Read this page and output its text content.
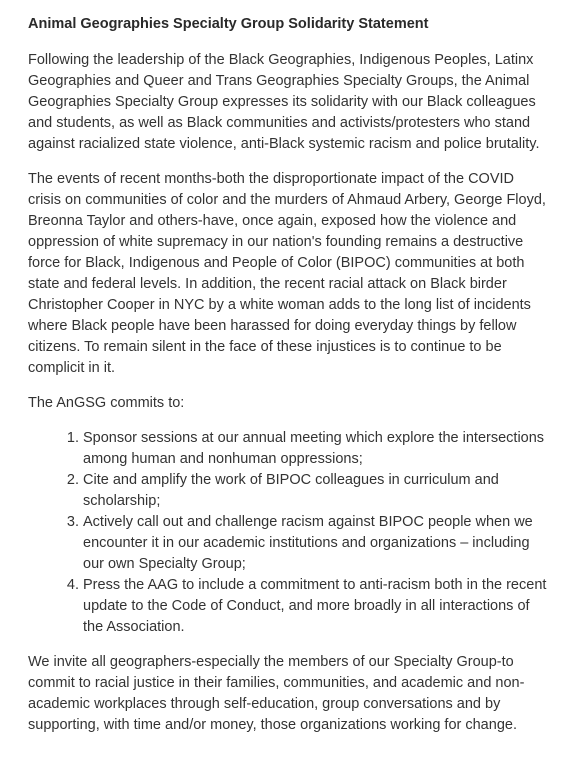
Animal Geographies Specialty Group Solidarity Statement

Following the leadership of the Black Geographies, Indigenous Peoples, Latinx Geographies and Queer and Trans Geographies Specialty Groups, the Animal Geographies Specialty Group expresses its solidarity with our Black colleagues and students, as well as Black communities and activists/protesters who stand against racialized state violence, anti-Black systemic racism and police brutality.

The events of recent months-both the disproportionate impact of the COVID crisis on communities of color and the murders of Ahmaud Arbery, George Floyd, Breonna Taylor and others-have, once again, exposed how the violence and oppression of white supremacy in our nation's founding remains a destructive force for Black, Indigenous and People of Color (BIPOC) communities at both state and federal levels. In addition, the recent racial attack on Black birder Christopher Cooper in NYC by a white woman adds to the long list of incidents where Black people have been harassed for doing everyday things by fellow citizens. To remain silent in the face of these injustices is to continue to be complicit in it.

The AnGSG commits to:

1. Sponsor sessions at our annual meeting which explore the intersections among human and nonhuman oppressions;
2. Cite and amplify the work of BIPOC colleagues in curriculum and scholarship;
3. Actively call out and challenge racism against BIPOC people when we encounter it in our academic institutions and organizations – including our own Specialty Group;
4. Press the AAG to include a commitment to anti-racism both in the recent update to the Code of Conduct, and more broadly in all interactions of the Association.

We invite all geographers-especially the members of our Specialty Group-to commit to racial justice in their families, communities, and academic and non-academic workplaces through self-education, group conversations and by supporting, with time and/or money, those organizations working for change.
